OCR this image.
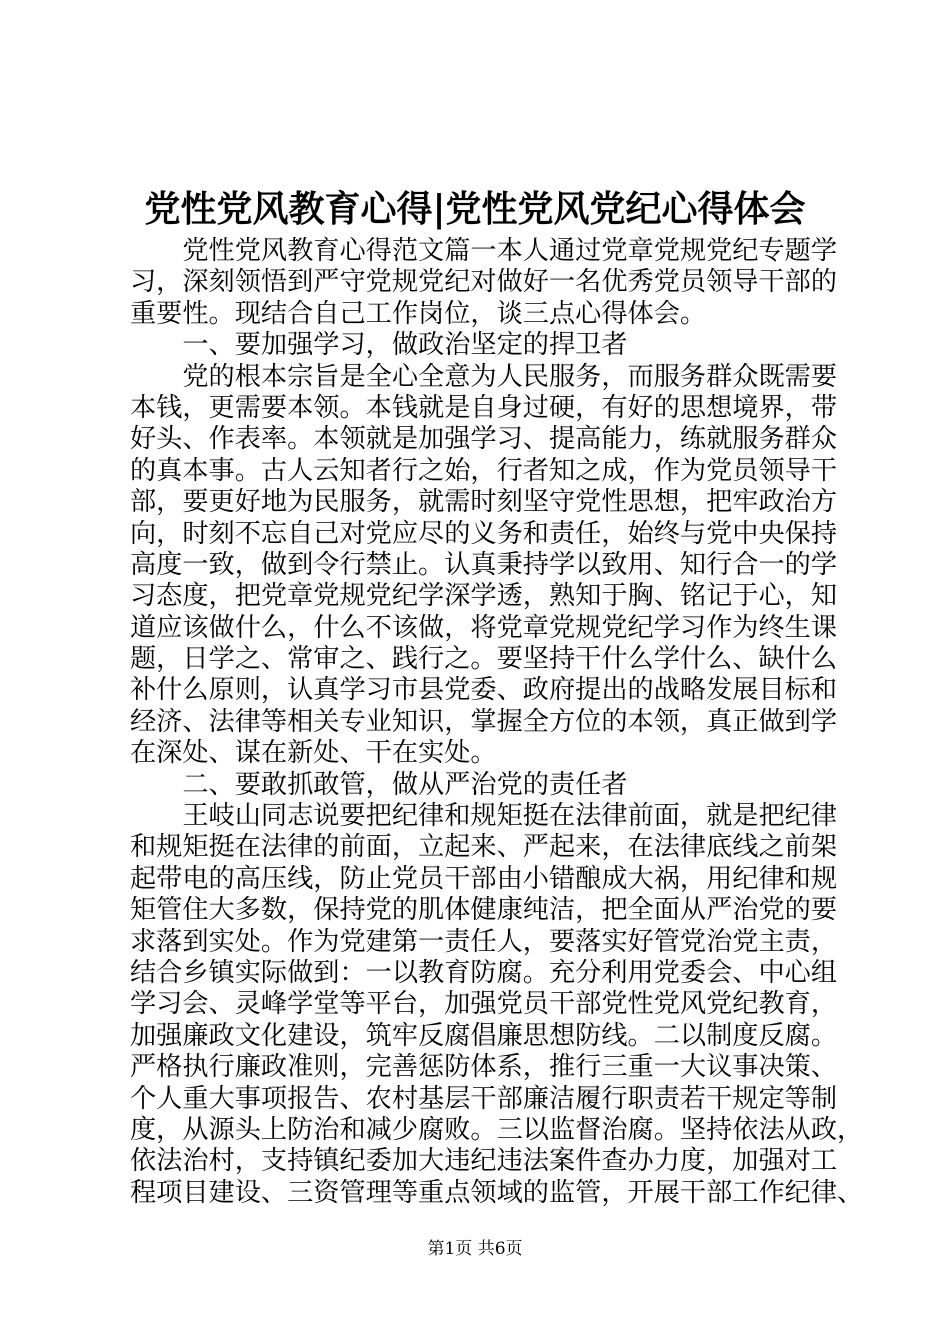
党性党风教育心得|党性党风党纪心得体会
　　党性党风教育心得范文篇一本人通过党章党规党纪专题学
习，深刻领悟到严守党规党纪对做好一名优秀党员领导干部的
重要性。现结合自己工作岗位，谈三点心得体会。
　　一、要加强学习，做政治坚定的捍卫者
　　党的根本宗旨是全心全意为人民服务，而服务群众既需要
本钱，更需要本领。本钱就是自身过硬，有好的思想境界，带
好头、作表率。本领就是加强学习、提高能力，练就服务群众
的真本事。古人云知者行之始，行者知之成，作为党员领导干
部，要更好地为民服务，就需时刻坚守党性思想，把牢政治方
向，时刻不忘自己对党应尽的义务和责任，始终与党中央保持
高度一致，做到令行禁止。认真秉持学以致用、知行合一的学
习态度，把党章党规党纪学深学透，熟知于胸、铭记于心，知
道应该做什么，什么不该做，将党章党规党纪学习作为终生课
题，日学之、常审之、践行之。要坚持干什么学什么、缺什么
补什么原则，认真学习市县党委、政府提出的战略发展目标和
经济、法律等相关专业知识，掌握全方位的本领，真正做到学
在深处、谋在新处、干在实处。
　　二、要敢抓敢管，做从严治党的责任者
　　王岐山同志说要把纪律和规矩挺在法律前面，就是把纪律
和规矩挺在法律的前面，立起来、严起来，在法律底线之前架
起带电的高压线，防止党员干部由小错酿成大祸，用纪律和规
矩管住大多数，保持党的肌体健康纯洁，把全面从严治党的要
求落到实处。作为党建第一责任人，要落实好管党治党主责，
结合乡镇实际做到：一以教育防腐。充分利用党委会、中心组
学习会、灵峰学堂等平台，加强党员干部党性党风党纪教育，
加强廉政文化建设，筑牢反腐倡廉思想防线。二以制度反腐。
严格执行廉政准则，完善惩防体系，推行三重一大议事决策、
个人重大事项报告、农村基层干部廉洁履行职责若干规定等制
度，从源头上防治和减少腐败。三以监督治腐。坚持依法从政，
依法治村，支持镇纪委加大违纪违法案件查办力度，加强对工
程项目建设、三资管理等重点领域的监管，开展干部工作纪律、
第1页 共6页
